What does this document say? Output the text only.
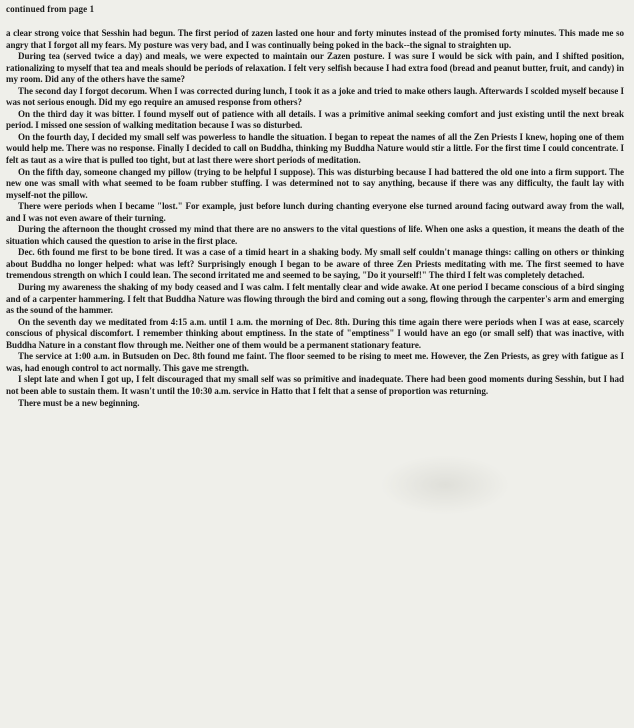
continued from page 1

a clear strong voice that Sesshin had begun. The first period of zazen lasted one hour and forty minutes instead of the promised forty minutes. This made me so angry that I forgot all my fears. My posture was very bad, and I was continually being poked in the back--the signal to straighten up.

During tea (served twice a day) and meals, we were expected to maintain our Zazen posture. I was sure I would be sick with pain, and I shifted position, rationalizing to myself that tea and meals should be periods of relaxation. I felt very selfish because I had extra food (bread and peanut butter, fruit, and candy) in my room. Did any of the others have the same?

The second day I forgot decorum. When I was corrected during lunch, I took it as a joke and tried to make others laugh. Afterwards I scolded myself because I was not serious enough. Did my ego require an amused response from others?

On the third day it was bitter. I found myself out of patience with all details. I was a primitive animal seeking comfort and just existing until the next break period. I missed one session of walking meditation because I was so disturbed.

On the fourth day, I decided my small self was powerless to handle the situation. I began to repeat the names of all the Zen Priests I knew, hoping one of them would help me. There was no response. Finally I decided to call on Buddha, thinking my Buddha Nature would stir a little. For the first time I could concentrate. I felt as taut as a wire that is pulled too tight, but at last there were short periods of meditation.

On the fifth day, someone changed my pillow (trying to be helpful I suppose). This was disturbing because I had battered the old one into a firm support. The new one was small with what seemed to be foam rubber stuffing. I was determined not to say anything, because if there was any difficulty, the fault lay with myself-not the pillow.

There were periods when I became "lost." For example, just before lunch during chanting everyone else turned around facing outward away from the wall, and I was not even aware of their turning.

During the afternoon the thought crossed my mind that there are no answers to the vital questions of life. When one asks a question, it means the death of the situation which caused the question to arise in the first place.

Dec. 6th found me first to be bone tired. It was a case of a timid heart in a shaking body. My small self couldn't manage things: calling on others or thinking about Buddha no longer helped: what was left? Surprisingly enough I began to be aware of three Zen Priests meditating with me. The first seemed to have tremendous strength on which I could lean. The second irritated me and seemed to be saying, "Do it yourself!" The third I felt was completely detached.

During my awareness the shaking of my body ceased and I was calm. I felt mentally clear and wide awake. At one period I became conscious of a bird singing and of a carpenter hammering. I felt that Buddha Nature was flowing through the bird and coming out a song, flowing through the carpenter's arm and emerging as the sound of the hammer.

On the seventh day we meditated from 4:15 a.m. until 1 a.m. the morning of Dec. 8th. During this time again there were periods when I was at ease, scarcely conscious of physical discomfort. I remember thinking about emptiness. In the state of "emptiness" I would have an ego (or small self) that was inactive, with Buddha Nature in a constant flow through me. Neither one of them would be a permanent stationary feature.

The service at 1:00 a.m. in Butsuden on Dec. 8th found me faint. The floor seemed to be rising to meet me. However, the Zen Priests, as grey with fatigue as I was, had enough control to act normally. This gave me strength.

I slept late and when I got up, I felt discouraged that my small self was so primitive and inadequate. There had been good moments during Sesshin, but I had not been able to sustain them. It wasn't until the 10:30 a.m. service in Hatto that I felt that a sense of proportion was returning.

There must be a new beginning.
